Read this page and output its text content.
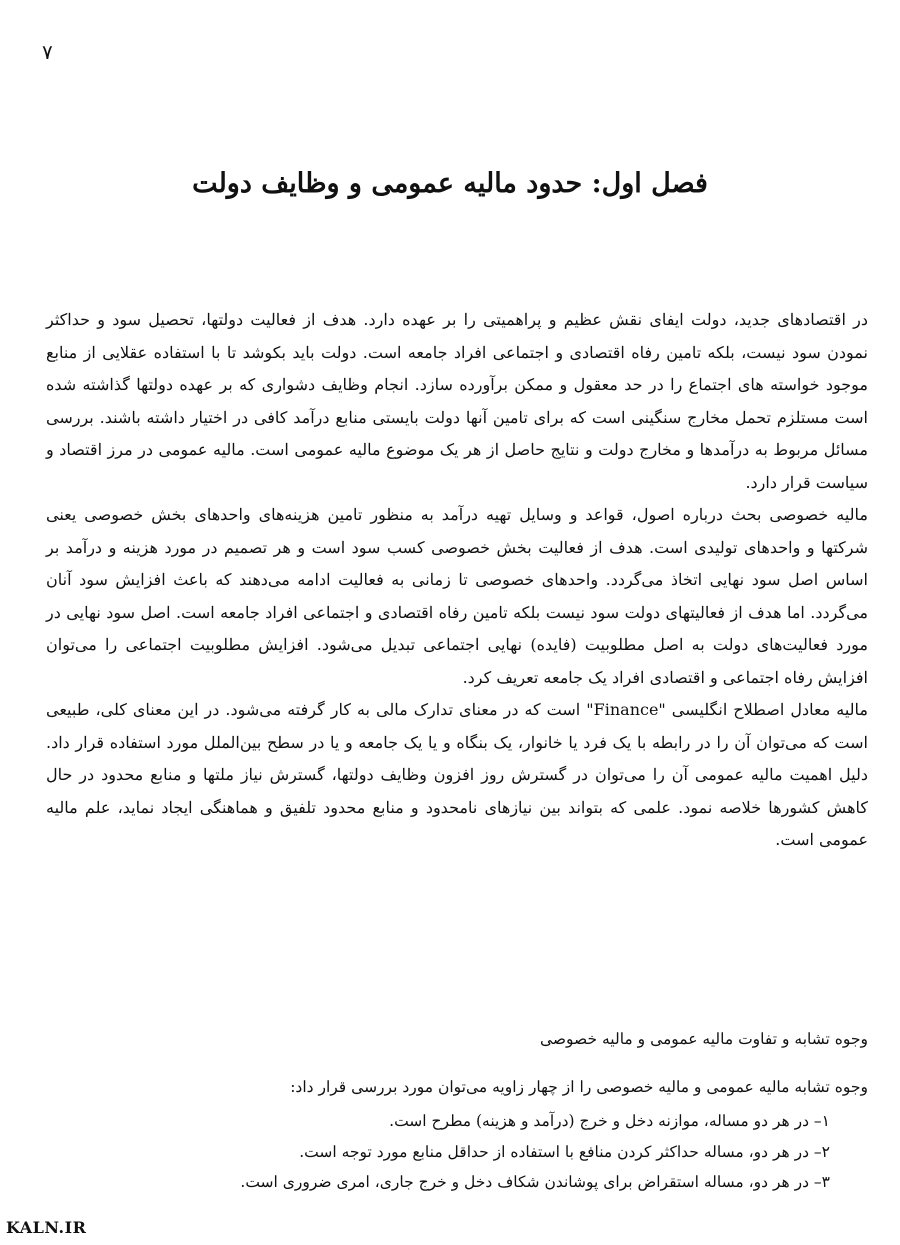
۷
فصل اول: حدود مالیه عمومی و وظایف دولت

در اقتصادهای جدید، دولت ایفای نقش عظیم و پراهمیتی را بر عهده دارد. هدف از فعالیت دولتها، تحصیل سود و حداکثر نمودن سود نیست، بلکه تامین رفاه اقتصادی و اجتماعی افراد جامعه است. دولت باید بکوشد تا با استفاده عقلایی از منابع موجود خواسته های اجتماع را در حد معقول و ممکن برآورده سازد. انجام وظایف دشواری که بر عهده دولتها گذاشته شده است مستلزم تحمل مخارج سنگینی است که برای تامین آنها دولت بایستی منابع درآمد کافی در اختیار داشته باشند. بررسی مسائل مربوط به درآمدها و مخارج دولت و نتایج حاصل از هر یک موضوع مالیه عمومی است. مالیه عمومی در مرز اقتصاد و سیاست قرار دارد.

مالیه خصوصی بحث درباره اصول، قواعد و وسایل تهیه درآمد به منظور تامین هزینه‌های واحدهای بخش خصوصی یعنی شرکتها و واحدهای تولیدی است. هدف از فعالیت بخش خصوصی کسب سود است و هر تصمیم در مورد هزینه و درآمد بر اساس اصل سود نهایی اتخاذ می‌گردد. واحدهای خصوصی تا زمانی به فعالیت ادامه می‌دهند که باعث افزایش سود آنان می‌گردد. اما هدف از فعالیتهای دولت سود نیست بلکه تامین رفاه اقتصادی و اجتماعی افراد جامعه است. اصل سود نهایی در مورد فعالیت‌های دولت به اصل مطلوبیت (فایده) نهایی اجتماعی تبدیل می‌شود. افزایش مطلوبیت اجتماعی را می‌توان افزایش رفاه اجتماعی و اقتصادی افراد یک جامعه تعریف کرد.

مالیه معادل اصطلاح انگلیسی "Finance" است که در معنای تدارک مالی به کار گرفته می‌شود. در این معنای کلی، طبیعی است که می‌توان آن را در رابطه با یک فرد یا خانوار، یک بنگاه و یا یک جامعه و یا در سطح بین‌الملل مورد استفاده قرار داد. دلیل اهمیت مالیه عمومی آن را می‌توان در گسترش روز افزون وظایف دولتها، گسترش نیاز ملتها و منابع محدود در حال کاهش کشورها خلاصه نمود. علمی که بتواند بین نیازهای نامحدود و منابع محدود تلفیق و هماهنگی ایجاد نماید، علم مالیه عمومی است.

وجوه تشابه و تفاوت مالیه عمومی و مالیه خصوصی

وجوه تشابه مالیه عمومی و مالیه خصوصی را از چهار زاویه می‌توان مورد بررسی قرار داد:

۱– در هر دو مساله، موازنه دخل و خرج (درآمد و هزینه) مطرح است.
۲– در هر دو، مساله حداکثر کردن منافع با استفاده از حداقل منابع مورد توجه است.
۳– در هر دو، مساله استقراض برای پوشاندن شکاف دخل و خرج جاری، امری ضروری است.
KALN.IR
